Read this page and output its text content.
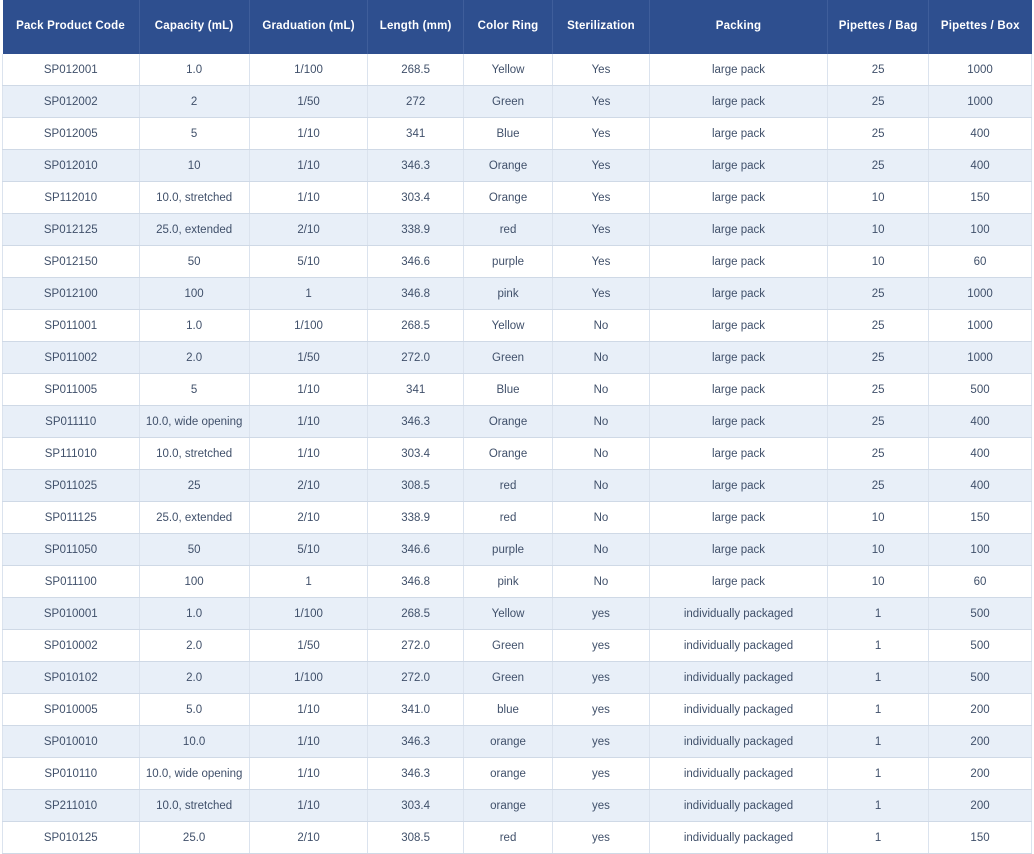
Pack Product Code	Capacity (mL)	Graduation (mL)	Length (mm)	Color Ring	Sterilization	Packing	Pipettes / Bag	Pipettes / Box
SP012001	1.0	1/100	268.5	Yellow	Yes	large pack	25	1000
SP012002	2	1/50	272	Green	Yes	large pack	25	1000
SP012005	5	1/10	341	Blue	Yes	large pack	25	400
SP012010	10	1/10	346.3	Orange	Yes	large pack	25	400
SP112010	10.0, stretched	1/10	303.4	Orange	Yes	large pack	10	150
SP012125	25.0, extended	2/10	338.9	red	Yes	large pack	10	100
SP012150	50	5/10	346.6	purple	Yes	large pack	10	60
SP012100	100	1	346.8	pink	Yes	large pack	25	1000
SP011001	1.0	1/100	268.5	Yellow	No	large pack	25	1000
SP011002	2.0	1/50	272.0	Green	No	large pack	25	1000
SP011005	5	1/10	341	Blue	No	large pack	25	500
SP011110	10.0, wide opening	1/10	346.3	Orange	No	large pack	25	400
SP111010	10.0, stretched	1/10	303.4	Orange	No	large pack	25	400
SP011025	25	2/10	308.5	red	No	large pack	25	400
SP011125	25.0, extended	2/10	338.9	red	No	large pack	10	150
SP011050	50	5/10	346.6	purple	No	large pack	10	100
SP011100	100	1	346.8	pink	No	large pack	10	60
SP010001	1.0	1/100	268.5	Yellow	yes	individually packaged	1	500
SP010002	2.0	1/50	272.0	Green	yes	individually packaged	1	500
SP010102	2.0	1/100	272.0	Green	yes	individually packaged	1	500
SP010005	5.0	1/10	341.0	blue	yes	individually packaged	1	200
SP010010	10.0	1/10	346.3	orange	yes	individually packaged	1	200
SP010110	10.0, wide opening	1/10	346.3	orange	yes	individually packaged	1	200
SP211010	10.0, stretched	1/10	303.4	orange	yes	individually packaged	1	200
SP010125	25.0	2/10	308.5	red	yes	individually packaged	1	150
